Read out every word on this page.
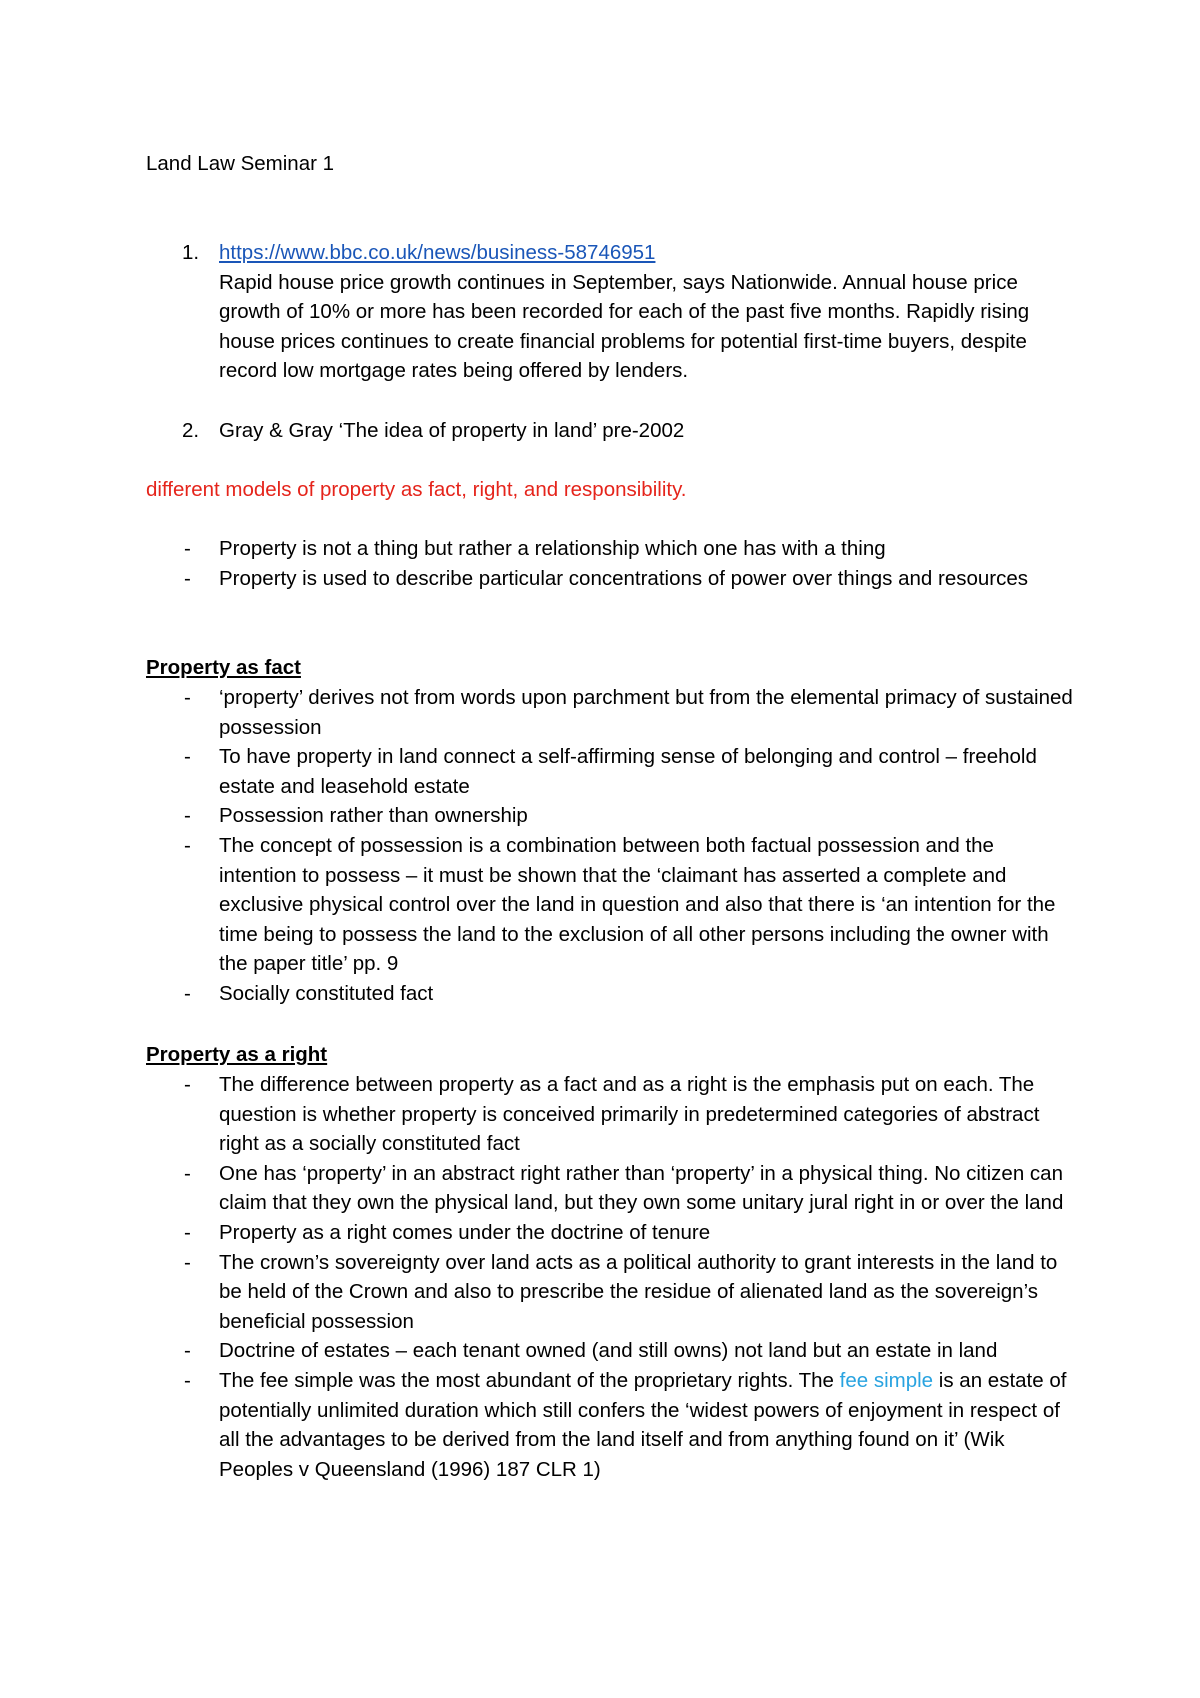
Land Law Seminar 1

1. https://www.bbc.co.uk/news/business-58746951
Rapid house price growth continues in September, says Nationwide. Annual house price growth of 10% or more has been recorded for each of the past five months. Rapidly rising house prices continues to create financial problems for potential first-time buyers, despite record low mortgage rates being offered by lenders.
2. Gray & Gray ‘The idea of property in land’ pre-2002
different models of property as fact, right, and responsibility.
- Property is not a thing but rather a relationship which one has with a thing
- Property is used to describe particular concentrations of power over things and resources
Property as fact
- ‘property’ derives not from words upon parchment but from the elemental primacy of sustained possession
- To have property in land connect a self-affirming sense of belonging and control – freehold estate and leasehold estate
- Possession rather than ownership
- The concept of possession is a combination between both factual possession and the intention to possess – it must be shown that the ‘claimant has asserted a complete and exclusive physical control over the land in question and also that there is ‘an intention for the time being to possess the land to the exclusion of all other persons including the owner with the paper title’ pp. 9
- Socially constituted fact
Property as a right
- The difference between property as a fact and as a right is the emphasis put on each. The question is whether property is conceived primarily in predetermined categories of abstract right as a socially constituted fact
- One has ‘property’ in an abstract right rather than ‘property’ in a physical thing. No citizen can claim that they own the physical land, but they own some unitary jural right in or over the land
- Property as a right comes under the doctrine of tenure
- The crown’s sovereignty over land acts as a political authority to grant interests in the land to be held of the Crown and also to prescribe the residue of alienated land as the sovereign’s beneficial possession
- Doctrine of estates – each tenant owned (and still owns) not land but an estate in land
- The fee simple was the most abundant of the proprietary rights. The fee simple is an estate of potentially unlimited duration which still confers the ‘widest powers of enjoyment in respect of all the advantages to be derived from the land itself and from anything found on it’ (Wik Peoples v Queensland (1996) 187 CLR 1)
